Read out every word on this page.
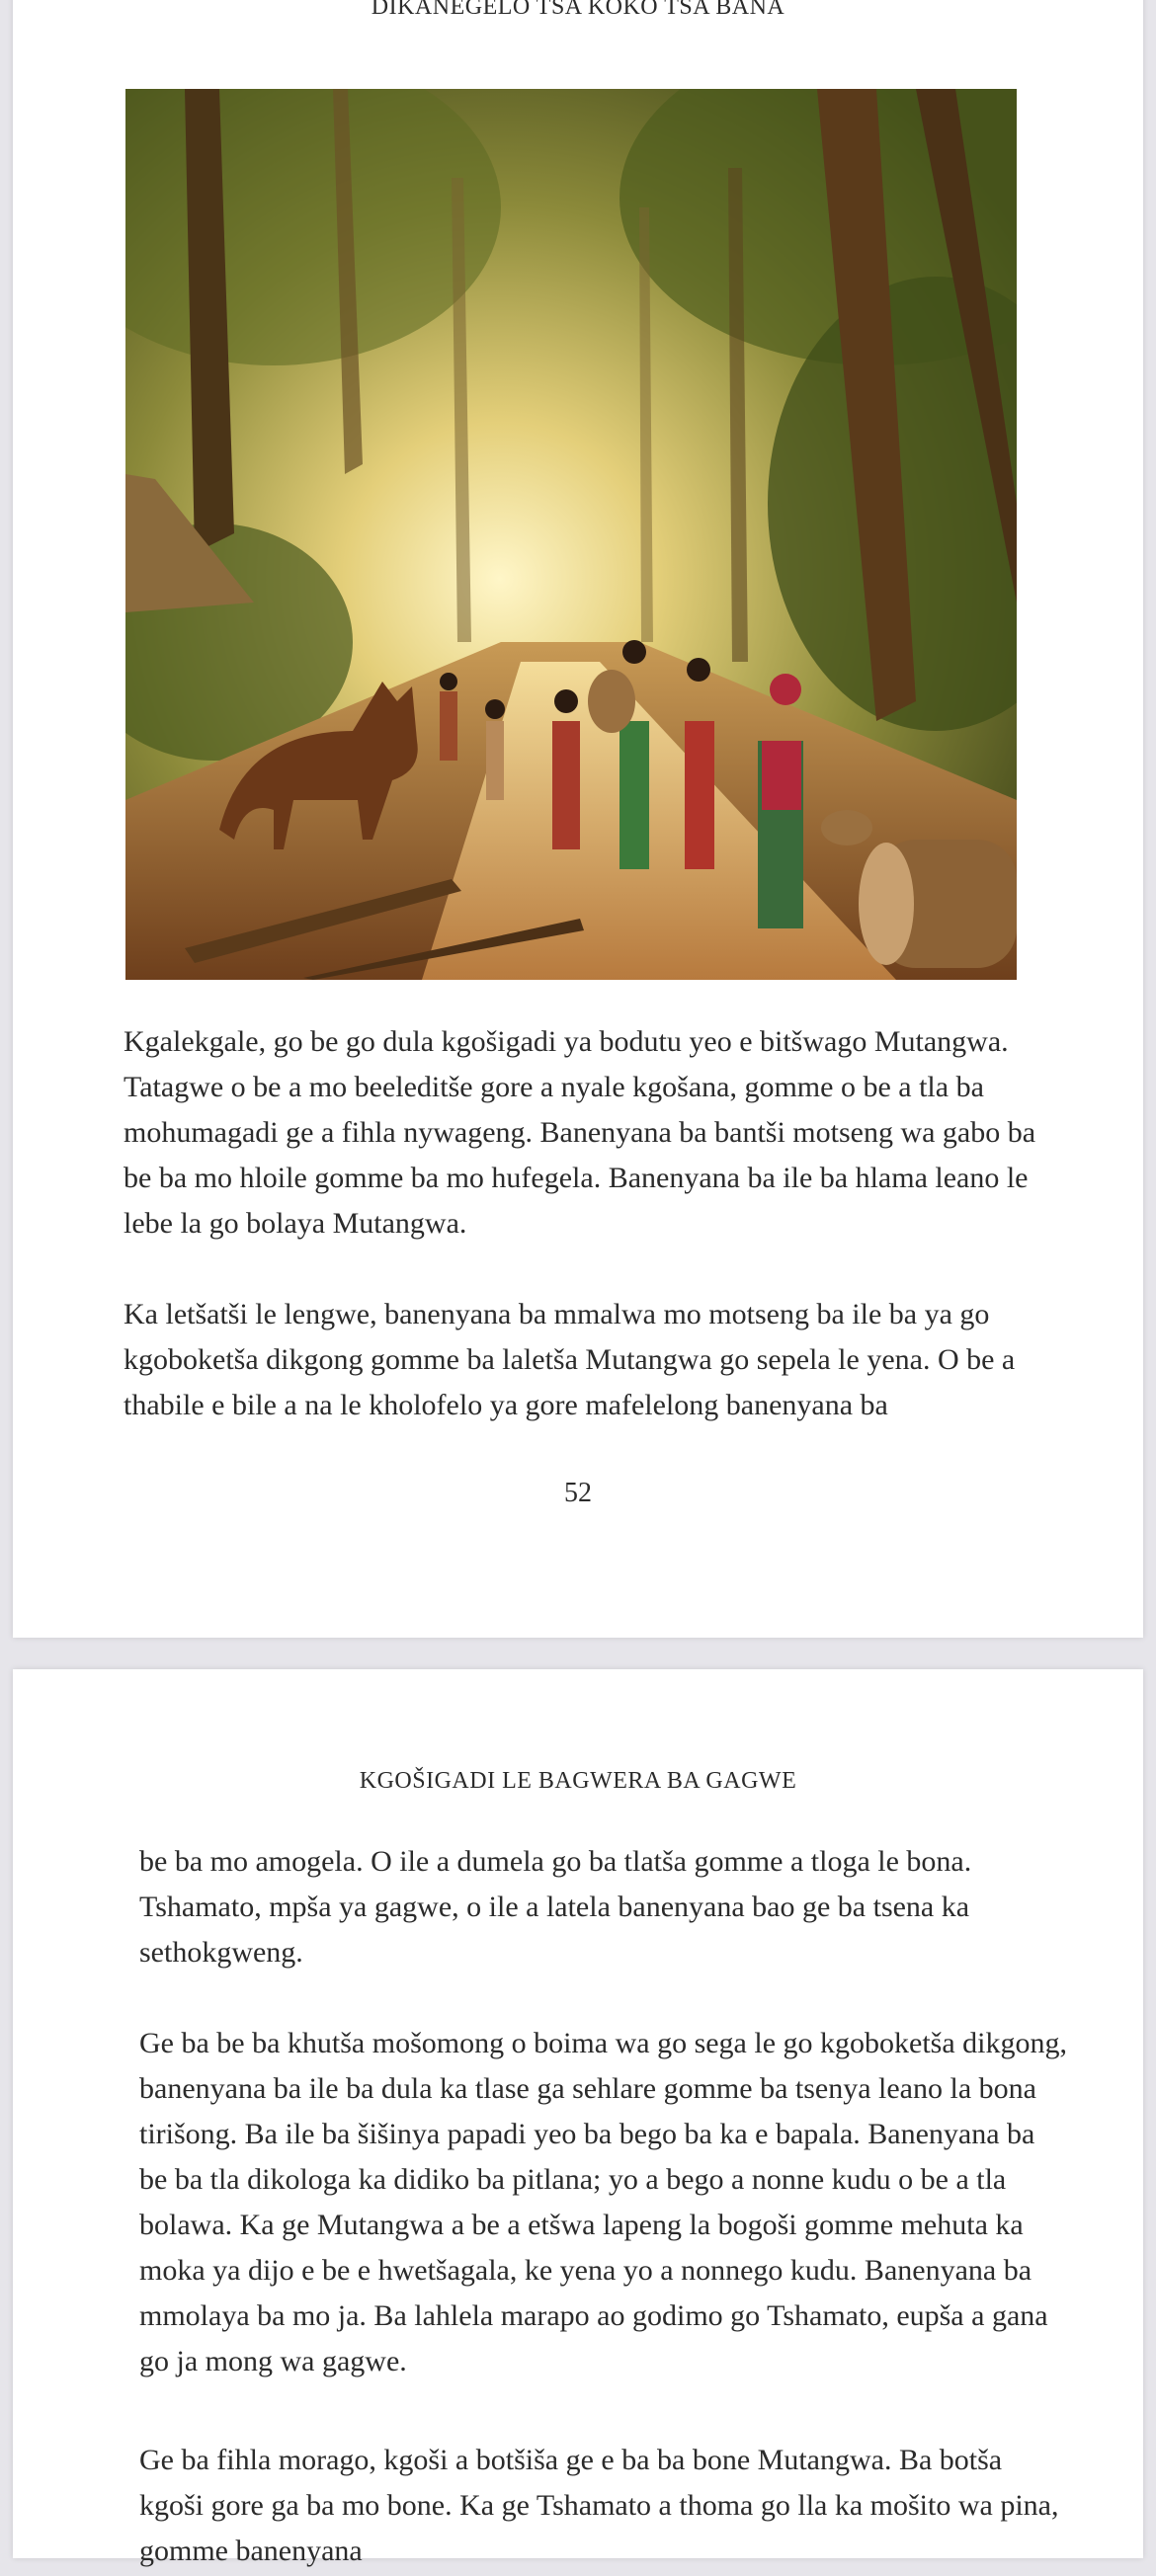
DIKANEGELO TSA KOKO TSA BANA

Kgalekgale, go be go dula kgošigadi ya bodutu yeo e bitšwago Mutangwa. Tatagwe o be a mo beeleditše gore a nyale kgošana, gomme o be a tla ba mohumagadi ge a fihla nywageng. Banenyana ba bantši motseng wa gabo ba be ba mo hloile gomme ba mo hufegela. Banenyana ba ile ba hlama leano le lebe la go bolaya Mutangwa.

Ka letšatši le lengwe, banenyana ba mmalwa mo motseng ba ile ba ya go kgoboketša dikgong gomme ba laletša Mutangwa go sepela le yena. O be a thabile e bile a na le kholofelo ya gore mafelelong banenyana ba

52
KGOŠIGADI LE BAGWERA BA GAGWE

be ba mo amogela. O ile a dumela go ba tlatša gomme a tloga le bona. Tshamato, mpša ya gagwe, o ile a latela banenyana bao ge ba tsena ka sethokgweng.

Ge ba be ba khutša mošomong o boima wa go sega le go kgoboketša dikgong, banenyana ba ile ba dula ka tlase ga sehlare gomme ba tsenya leano la bona tirišong. Ba ile ba šišinya papadi yeo ba bego ba ka e bapala. Banenyana ba be ba tla dikologa ka didiko ba pitlana; yo a bego a nonne kudu o be a tla bolawa. Ka ge Mutangwa a be a etšwa lapeng la bogoši gomme mehuta ka moka ya dijo e be e hwetšagala, ke yena yo a nonnego kudu. Banenyana ba mmolaya ba mo ja. Ba lahlela marapo ao godimo go Tshamato, eupša a gana go ja mong wa gagwe.

Ge ba fihla morago, kgoši a botšiša ge e ba ba bone Mutangwa. Ba botša kgoši gore ga ba mo bone. Ka ge Tshamato a thoma go lla ka mošito wa pina, gomme banenyana
